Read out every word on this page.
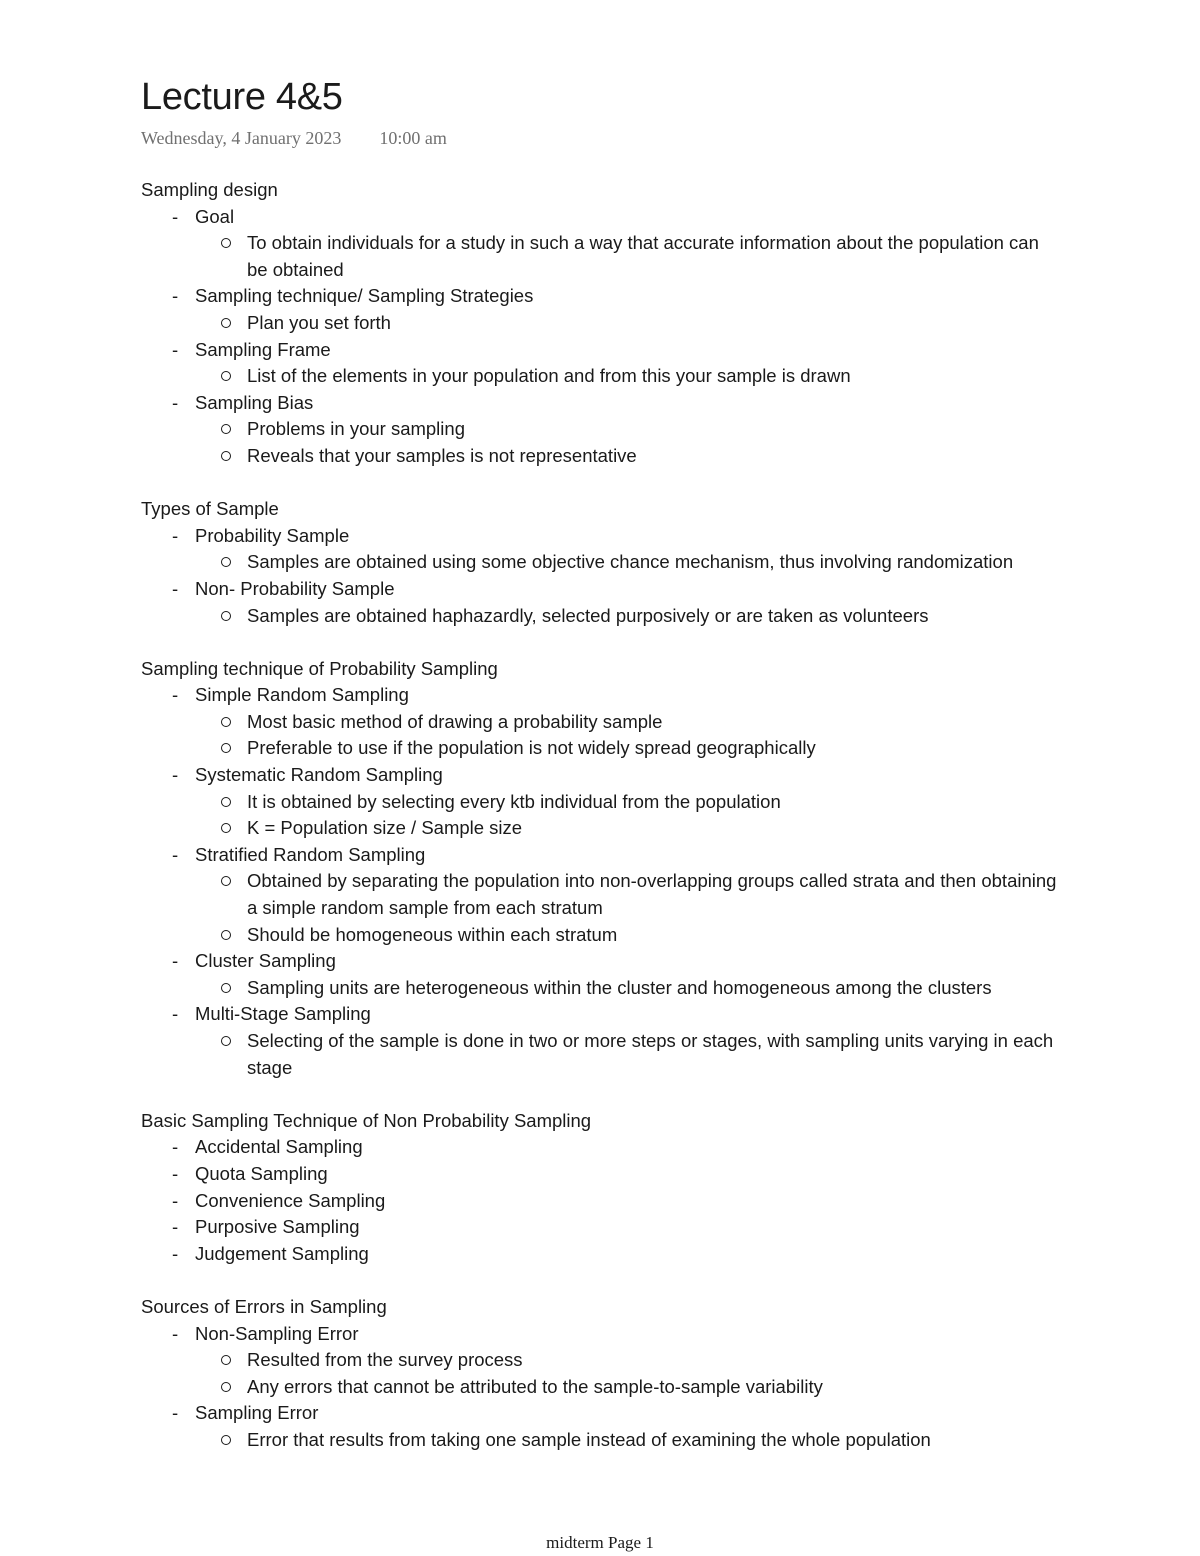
Lecture 4&5
Wednesday, 4 January 2023 10:00 am
Sampling design
- Goal
To obtain individuals for a study in such a way that accurate information about the population can be obtained
- Sampling technique/ Sampling Strategies
Plan you set forth
- Sampling Frame
List of the elements in your population and from this your sample is drawn
- Sampling Bias
Problems in your sampling
Reveals that your samples is not representative
Types of Sample
- Probability Sample
Samples are obtained using some objective chance mechanism, thus involving randomization
- Non- Probability Sample
Samples are obtained haphazardly, selected purposively or are taken as volunteers
Sampling technique of Probability Sampling
- Simple Random Sampling
Most basic method of drawing a probability sample
Preferable to use if the population is not widely spread geographically
- Systematic Random Sampling
It is obtained by selecting every ktb individual from the population
K = Population size / Sample size
- Stratified Random Sampling
Obtained by separating the population into non-overlapping groups called strata and then obtaining a simple random sample from each stratum
Should be homogeneous within each stratum
- Cluster Sampling
Sampling units are heterogeneous within the cluster and homogeneous among the clusters
- Multi-Stage Sampling
Selecting of the sample is done in two or more steps or stages, with sampling units varying in each stage
Basic Sampling Technique of Non Probability Sampling
- Accidental Sampling
- Quota Sampling
- Convenience Sampling
- Purposive Sampling
- Judgement Sampling
Sources of Errors in Sampling
- Non-Sampling Error
Resulted from the survey process
Any errors that cannot be attributed to the sample-to-sample variability
- Sampling Error
Error that results from taking one sample instead of examining the whole population
midterm Page 1
